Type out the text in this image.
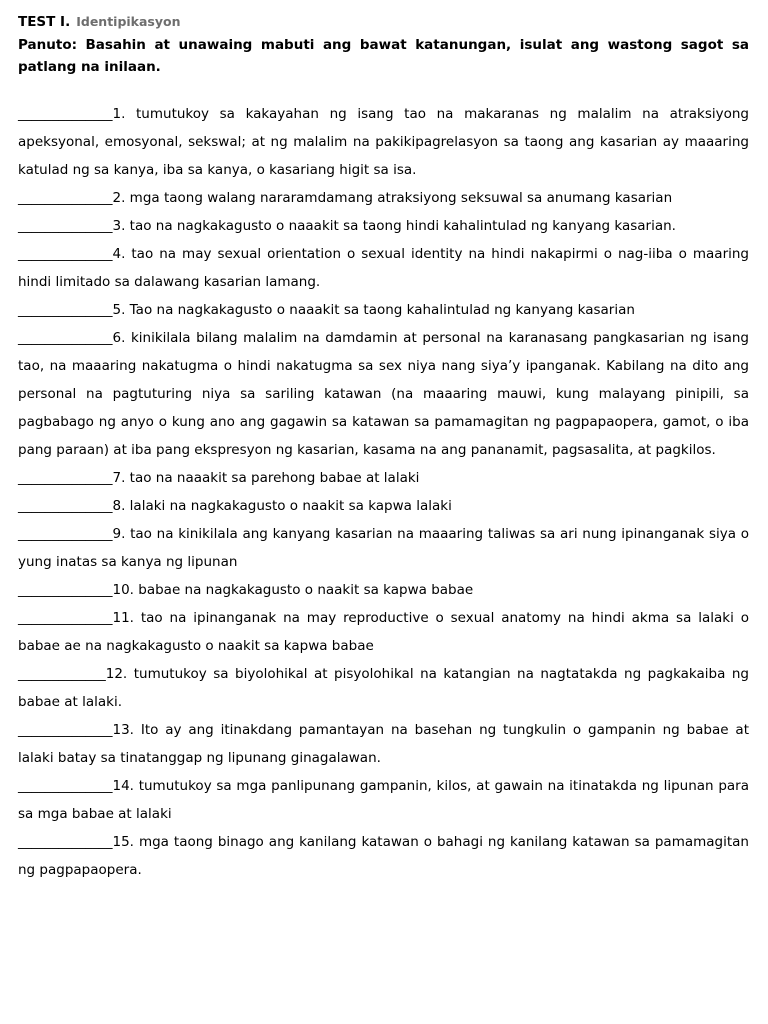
TEST I. Identipikasyon

Panuto: Basahin at unawaing mabuti ang bawat katanungan, isulat ang wastong sagot sa patlang na inilaan.

______________1. tumutukoy sa kakayahan ng isang tao na makaranas ng malalim na atraksiyong apeksyonal, emosyonal, sekswal; at ng malalim na pakikipagrelasyon sa taong ang kasarian ay maaaring katulad ng sa kanya, iba sa kanya, o kasariang higit sa isa.

______________2. mga taong walang nararamdamang atraksiyong seksuwal sa anumang kasarian

______________3. tao na nagkakagusto o naaakit sa taong hindi kahalintulad ng kanyang kasarian.

______________4. tao na may sexual orientation o sexual identity na hindi nakapirmi o nag-iiba o maaring hindi limitado sa dalawang kasarian lamang.

______________5. Tao na nagkakagusto o naaakit sa taong kahalintulad ng kanyang kasarian

______________6. kinikilala bilang malalim na damdamin at personal na karanasang pangkasarian ng isang tao, na maaaring nakatugma o hindi nakatugma sa sex niya nang siya’y ipanganak. Kabilang na dito ang personal na pagtuturing niya sa sariling katawan (na maaaring mauwi, kung malayang pinipili, sa pagbabago ng anyo o kung ano ang gagawin sa katawan sa pamamagitan ng pagpapaopera, gamot, o iba pang paraan) at iba pang ekspresyon ng kasarian, kasama na ang pananamit, pagsasalita, at pagkilos.

______________7. tao na naaakit sa parehong babae at lalaki

______________8. lalaki na nagkakagusto o naakit sa kapwa lalaki

______________9. tao na kinikilala ang kanyang kasarian na maaaring taliwas sa ari nung ipinanganak siya o yung inatas sa kanya ng lipunan

______________10. babae na nagkakagusto o naakit sa kapwa babae

______________11. tao na ipinanganak na may reproductive o sexual anatomy na hindi akma sa lalaki o babae ae na nagkakagusto o naakit sa kapwa babae

_____________12. tumutukoy sa biyolohikal at pisyolohikal na katangian na nagtatakda ng pagkakaiba ng babae at lalaki.

______________13. Ito ay ang itinakdang pamantayan na basehan ng tungkulin o gampanin ng babae at lalaki batay sa tinatanggap ng lipunang ginagalawan.

______________14. tumutukoy sa mga panlipunang gampanin, kilos, at gawain na itinatakda ng lipunan para sa mga babae at lalaki

______________15. mga taong binago ang kanilang katawan o bahagi ng kanilang katawan sa pamamagitan ng pagpapaopera.
